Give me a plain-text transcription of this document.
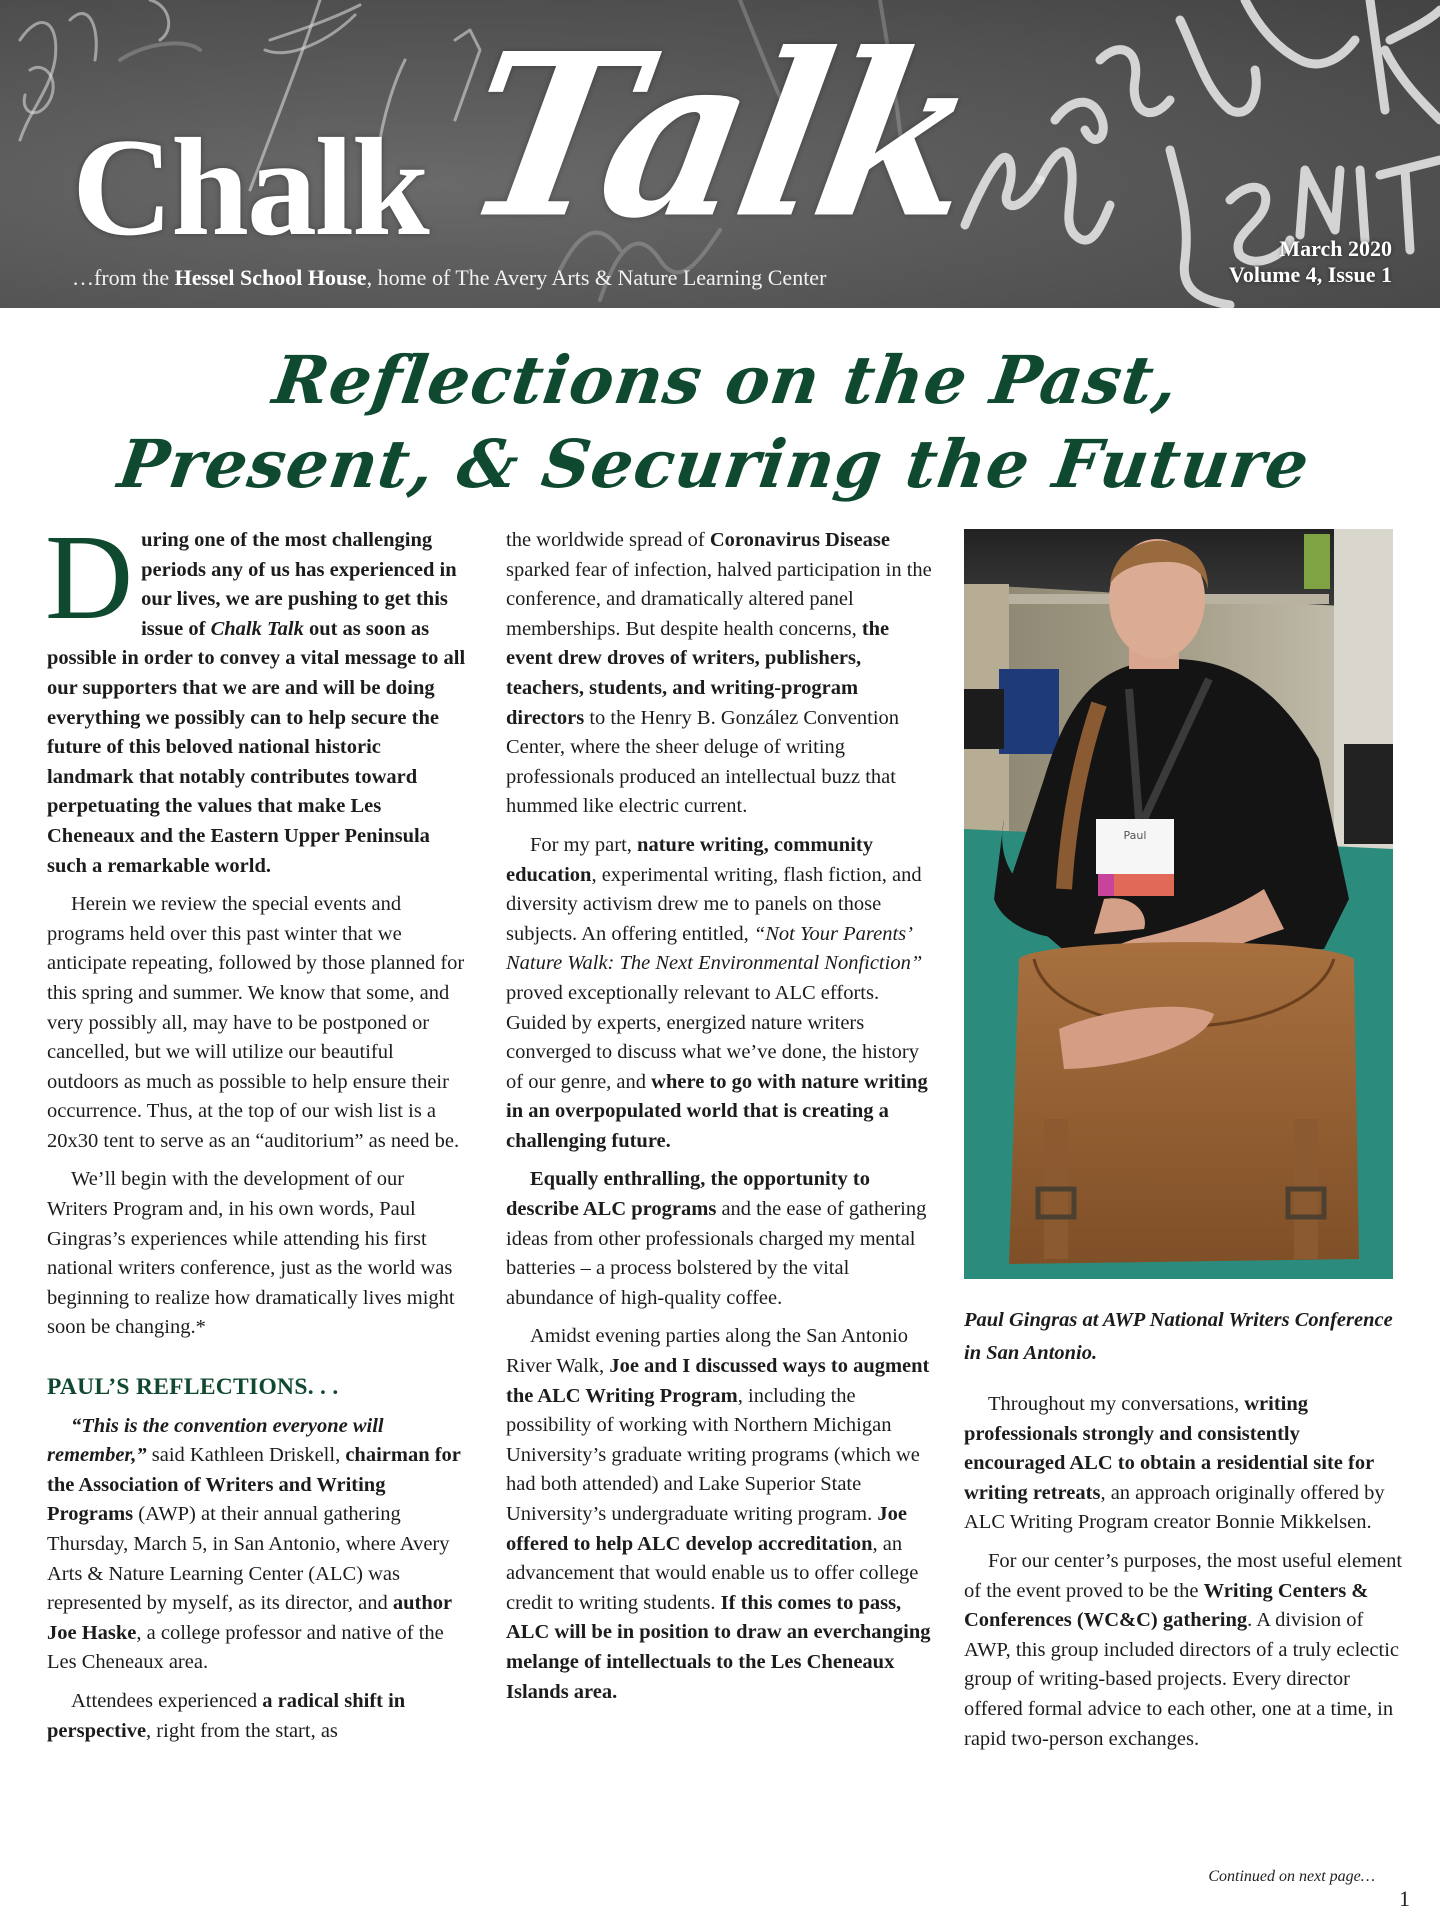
Chalk Talk
…from the Hessel School House, home of The Avery Arts & Nature Learning Center
March 2020
Volume 4, Issue 1
Reflections on the Past,
Present, & Securing the Future

During one of the most challenging periods any of us has experienced in our lives, we are pushing to get this issue of Chalk Talk out as soon as possible in order to convey a vital message to all our supporters that we are and will be doing everything we possibly can to help secure the future of this beloved national historic landmark that notably contributes toward perpetuating the values that make Les Cheneaux and the Eastern Upper Peninsula such a remarkable world.

Herein we review the special events and programs held over this past winter that we anticipate repeating, followed by those planned for this spring and summer. We know that some, and very possibly all, may have to be postponed or cancelled, but we will utilize our beautiful outdoors as much as possible to help ensure their occurrence. Thus, at the top of our wish list is a 20x30 tent to serve as an “auditorium” as need be.

We’ll begin with the development of our Writers Program and, in his own words, Paul Gingras’s experiences while attending his first national writers conference, just as the world was beginning to realize how dramatically lives might soon be changing.*

PAUL’S REFLECTIONS. . .

“This is the convention everyone will remember,” said Kathleen Driskell, chairman for the Association of Writers and Writing Programs (AWP) at their annual gathering Thursday, March 5, in San Antonio, where Avery Arts & Nature Learning Center (ALC) was represented by myself, as its director, and author Joe Haske, a college professor and native of the Les Cheneaux area.

Attendees experienced a radical shift in perspective, right from the start, as

the worldwide spread of Coronavirus Disease sparked fear of infection, halved participation in the conference, and dramatically altered panel memberships. But despite health concerns, the event drew droves of writers, publishers, teachers, students, and writing-program directors to the Henry B. González Convention Center, where the sheer deluge of writing professionals produced an intellectual buzz that hummed like electric current.

For my part, nature writing, community education, experimental writing, flash fiction, and diversity activism drew me to panels on those subjects. An offering entitled, “Not Your Parents’ Nature Walk: The Next Environmental Nonfiction” proved exceptionally relevant to ALC efforts. Guided by experts, energized nature writers converged to discuss what we’ve done, the history of our genre, and where to go with nature writing in an overpopulated world that is creating a challenging future.

Equally enthralling, the opportunity to describe ALC programs and the ease of gathering ideas from other professionals charged my mental batteries – a process bolstered by the vital abundance of high-quality coffee.

Amidst evening parties along the San Antonio River Walk, Joe and I discussed ways to augment the ALC Writing Program, including the possibility of working with Northern Michigan University’s graduate writing programs (which we had both attended) and Lake Superior State University’s undergraduate writing program. Joe offered to help ALC develop accreditation, an advancement that would enable us to offer college credit to writing students. If this comes to pass, ALC will be in position to draw an everchanging melange of intellectuals to the Les Cheneaux Islands area.

Paul

Paul Gingras at AWP National Writers Conference in San Antonio.

Throughout my conversations, writing professionals strongly and consistently encouraged ALC to obtain a residential site for writing retreats, an approach originally offered by ALC Writing Program creator Bonnie Mikkelsen.

For our center’s purposes, the most useful element of the event proved to be the Writing Centers & Conferences (WC&C) gathering. A division of AWP, this group included directors of a truly eclectic group of writing-based projects. Every director offered formal advice to each other, one at a time, in rapid two-person exchanges.

Continued on next page…
1
